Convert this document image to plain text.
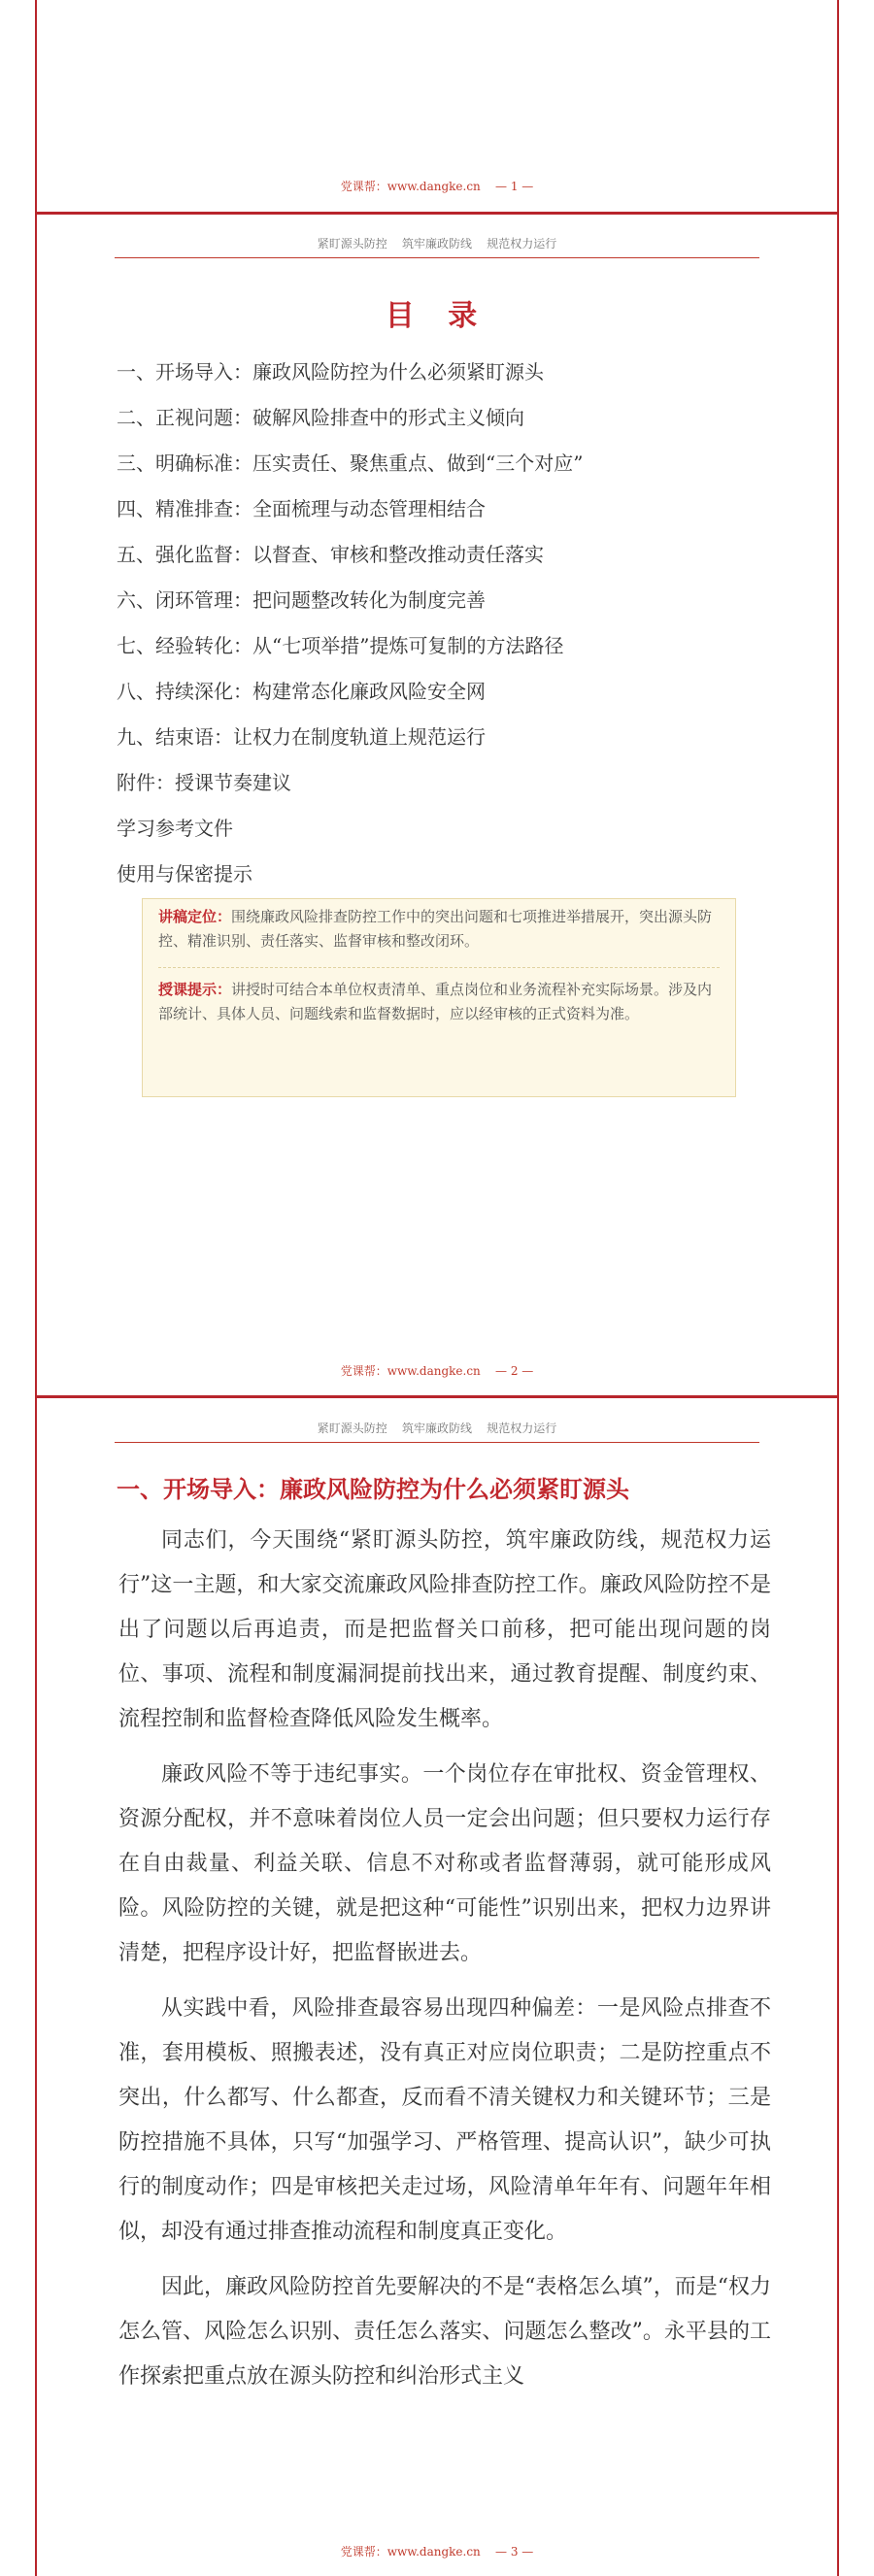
党课帮：www.dangke.cn    — 1 —
紧盯源头防控    筑牢廉政防线    规范权力运行
目 录
一、开场导入：廉政风险防控为什么必须紧盯源头
二、正视问题：破解风险排查中的形式主义倾向
三、明确标准：压实责任、聚焦重点、做到“三个对应”
四、精准排查：全面梳理与动态管理相结合
五、强化监督：以督查、审核和整改推动责任落实
六、闭环管理：把问题整改转化为制度完善
七、经验转化：从“七项举措”提炼可复制的方法路径
八、持续深化：构建常态化廉政风险安全网
九、结束语：让权力在制度轨道上规范运行
附件：授课节奏建议
学习参考文件
使用与保密提示

讲稿定位：围绕廉政风险排查防控工作中的突出问题和七项推进举措展开，突出源头防控、精准识别、责任落实、监督审核和整改闭环。

授课提示：讲授时可结合本单位权责清单、重点岗位和业务流程补充实际场景。涉及内部统计、具体人员、问题线索和监督数据时，应以经审核的正式资料为准。

党课帮：www.dangke.cn    — 2 —
紧盯源头防控    筑牢廉政防线    规范权力运行
一、开场导入：廉政风险防控为什么必须紧盯源头

同志们，今天围绕“紧盯源头防控，筑牢廉政防线，规范权力运行”这一主题，和大家交流廉政风险排查防控工作。廉政风险防控不是出了问题以后再追责，而是把监督关口前移，把可能出现问题的岗位、事项、流程和制度漏洞提前找出来，通过教育提醒、制度约束、流程控制和监督检查降低风险发生概率。

廉政风险不等于违纪事实。一个岗位存在审批权、资金管理权、资源分配权，并不意味着岗位人员一定会出问题；但只要权力运行存在自由裁量、利益关联、信息不对称或者监督薄弱，就可能形成风险。风险防控的关键，就是把这种“可能性”识别出来，把权力边界讲清楚，把程序设计好，把监督嵌进去。

从实践中看，风险排查最容易出现四种偏差：一是风险点排查不准，套用模板、照搬表述，没有真正对应岗位职责；二是防控重点不突出，什么都写、什么都查，反而看不清关键权力和关键环节；三是防控措施不具体，只写“加强学习、严格管理、提高认识”，缺少可执行的制度动作；四是审核把关走过场，风险清单年年有、问题年年相似，却没有通过排查推动流程和制度真正变化。

因此，廉政风险防控首先要解决的不是“表格怎么填”，而是“权力怎么管、风险怎么识别、责任怎么落实、问题怎么整改”。永平县的工作探索把重点放在源头防控和纠治形式主义

党课帮：www.dangke.cn    — 3 —
